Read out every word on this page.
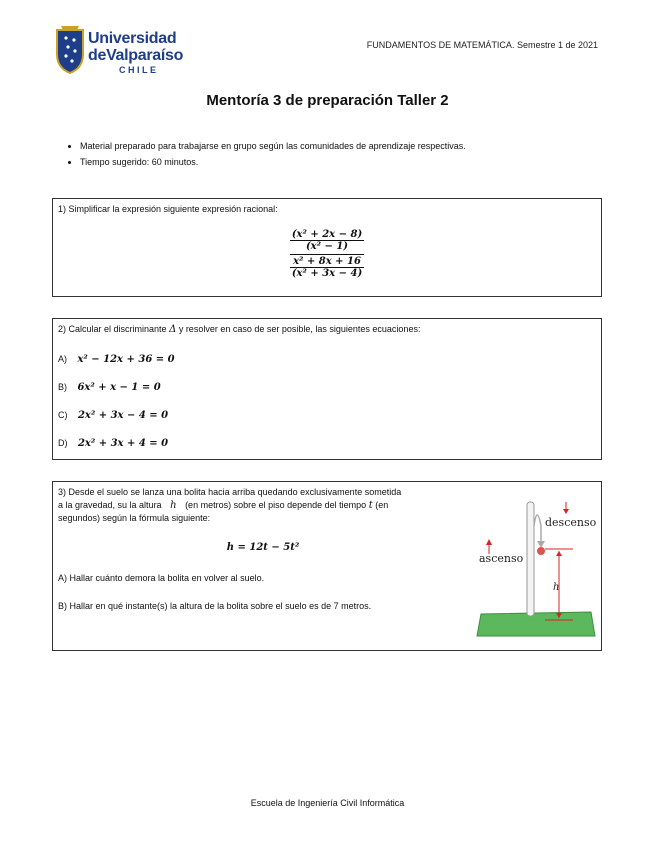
Universidad
deValparaíso
CHILE
FUNDAMENTOS DE MATEMÁTICA. Semestre 1 de 2021
Mentoría 3 de preparación Taller 2
• Material preparado para trabajarse en grupo según las comunidades de aprendizaje respectivas.
• Tiempo sugerido: 60 minutos.
1) Simplificar la expresión siguiente expresión racional:
$\frac{\text{(x² + 2x − 8)}}{\text{(x² − 1)}}$

$\frac{\text{x² + 8x + 16}}{\text{(x² + 3x − 4)}}$
2) Calcular el discriminante Δ y resolver en caso de ser posible, las siguientes ecuaciones:
A) x² − 12x + 36 = 0
B) 6x² + x − 1 = 0
C) 2x² + 3x − 4 = 0
D) 2x² + 3x + 4 = 0
3) Desde el suelo se lanza una bolita hacia arriba quedando exclusivamente sometida
a la gravedad, su la altura h (en metros) sobre el piso depende del tiempo t (en
segundos) según la fórmula siguiente:
h = 12t − 5t²
A) Hallar cuánto demora la bolita en volver al suelo.
B) Hallar en qué instante(s) la altura de la bolita sobre el suelo es de 7 metros.
descenso
ascenso
h
Escuela de Ingeniería Civil Informática
